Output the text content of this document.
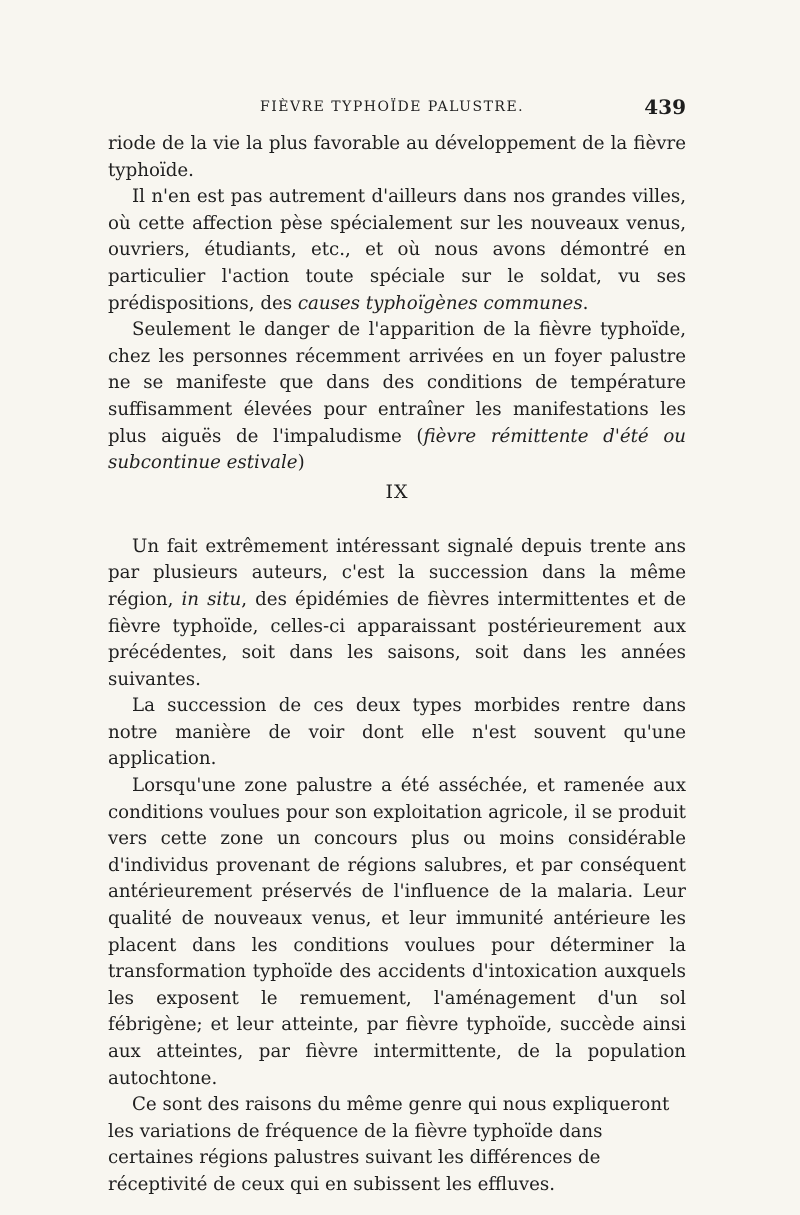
FIÈVRE TYPHOÏDE PALUSTRE.	439

riode de la vie la plus favorable au développement de la fièvre typhoïde.

Il n'en est pas autrement d'ailleurs dans nos grandes villes, où cette affection pèse spécialement sur les nouveaux venus, ouvriers, étudiants, etc., et où nous avons démontré en particulier l'action toute spéciale sur le soldat, vu ses prédispositions, des causes typhoïgènes communes.

Seulement le danger de l'apparition de la fièvre typhoïde, chez les personnes récemment arrivées en un foyer palustre ne se manifeste que dans des conditions de température suffisamment élevées pour entraîner les manifestations les plus aiguës de l'impaludisme (fièvre rémittente d'été ou subcontinue estivale)

IX

Un fait extrêmement intéressant signalé depuis trente ans par plusieurs auteurs, c'est la succession dans la même région, in situ, des épidémies de fièvres intermittentes et de fièvre typhoïde, celles-ci apparaissant postérieurement aux précédentes, soit dans les saisons, soit dans les années suivantes.

La succession de ces deux types morbides rentre dans notre manière de voir dont elle n'est souvent qu'une application.

Lorsqu'une zone palustre a été asséchée, et ramenée aux conditions voulues pour son exploitation agricole, il se produit vers cette zone un concours plus ou moins considérable d'individus provenant de régions salubres, et par conséquent antérieurement préservés de l'influence de la malaria. Leur qualité de nouveaux venus, et leur immunité antérieure les placent dans les conditions voulues pour déterminer la transformation typhoïde des accidents d'intoxication auxquels les exposent le remuement, l'aménagement d'un sol fébrigène; et leur atteinte, par fièvre typhoïde, succède ainsi aux atteintes, par fièvre intermittente, de la population autochtone.

Ce sont des raisons du même genre qui nous expliqueront les variations de fréquence de la fièvre typhoïde dans certaines régions palustres suivant les différences de réceptivité de ceux qui en subissent les effluves.
